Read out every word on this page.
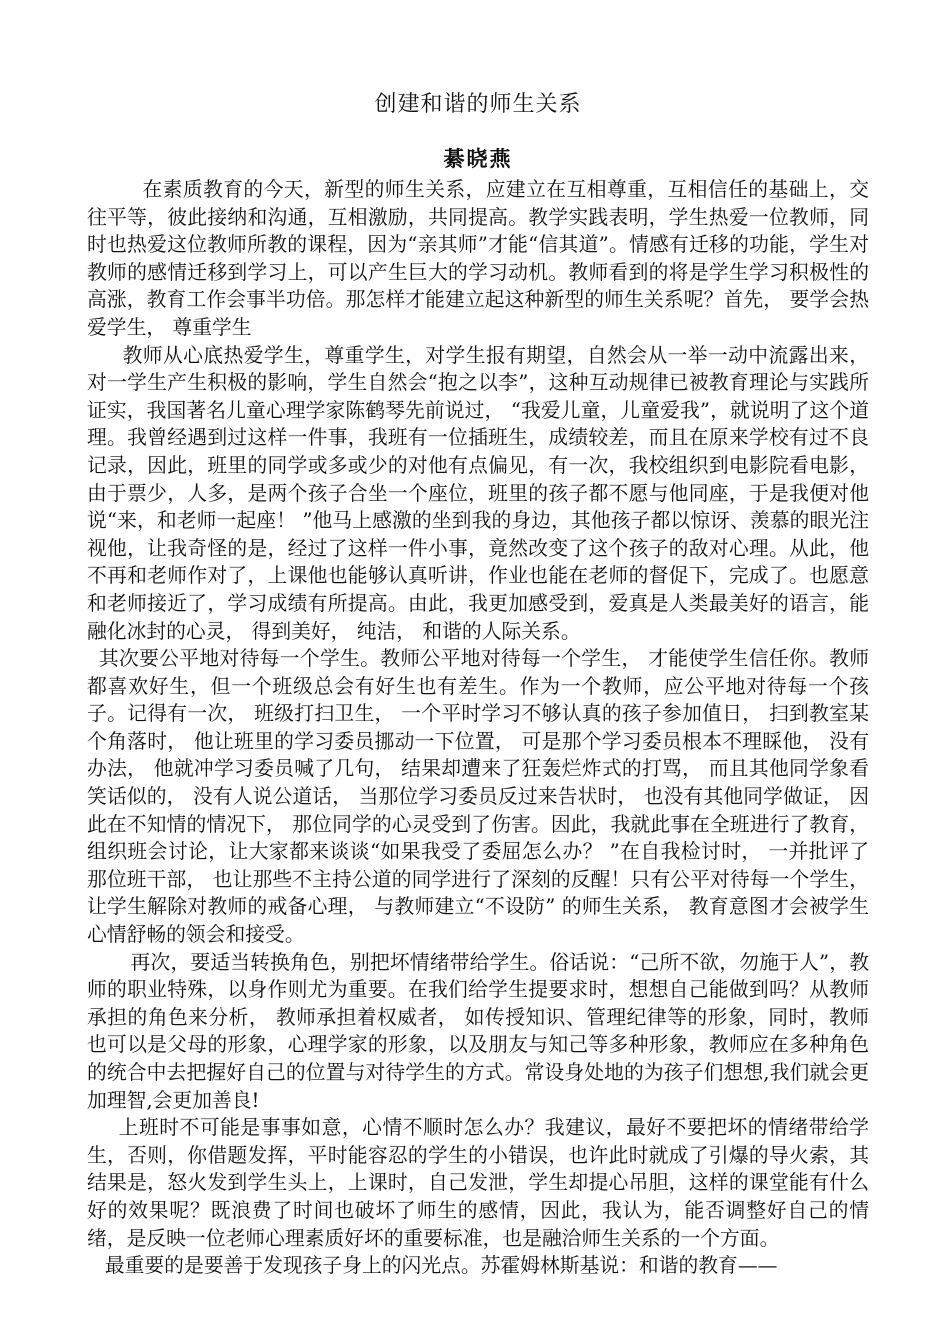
创建和谐的师生关系
綦晓燕

在素质教育的今天，新型的师生关系，应建立在互相尊重，互相信任的基础上，交往平等，彼此接纳和沟通，互相激励，共同提高。教学实践表明，学生热爱一位教师，同时也热爱这位教师所教的课程，因为“亲其师”才能“信其道”。情感有迁移的功能，学生对教师的感情迁移到学习上，可以产生巨大的学习动机。教师看到的将是学生学习积极性的高涨，教育工作会事半功倍。那怎样才能建立起这种新型的师生关系呢？首先， 要学会热爱学生， 尊重学生

教师从心底热爱学生，尊重学生，对学生报有期望，自然会从一举一动中流露出来，对一学生产生积极的影响，学生自然会“抱之以李”，这种互动规律已被教育理论与实践所证实，我国著名儿童心理学家陈鹤琴先前说过， “我爱儿童，儿童爱我”，就说明了这个道理。我曾经遇到过这样一件事，我班有一位插班生，成绩较差，而且在原来学校有过不良记录，因此，班里的同学或多或少的对他有点偏见，有一次，我校组织到电影院看电影，由于票少，人多，是两个孩子合坐一个座位，班里的孩子都不愿与他同座，于是我便对他说“来，和老师一起座！ ”他马上感激的坐到我的身边，其他孩子都以惊讶、羡慕的眼光注视他，让我奇怪的是，经过了这样一件小事，竟然改变了这个孩子的敌对心理。从此，他不再和老师作对了，上课他也能够认真听讲，作业也能在老师的督促下，完成了。也愿意和老师接近了，学习成绩有所提高。由此，我更加感受到，爱真是人类最美好的语言，能融化冰封的心灵， 得到美好， 纯洁， 和谐的人际关系。

其次要公平地对待每一个学生。教师公平地对待每一个学生， 才能使学生信任你。教师都喜欢好生，但一个班级总会有好生也有差生。作为一个教师，应公平地对待每一个孩子。记得有一次， 班级打扫卫生， 一个平时学习不够认真的孩子参加值日， 扫到教室某个角落时， 他让班里的学习委员挪动一下位置， 可是那个学习委员根本不理睬他， 没有办法， 他就冲学习委员喊了几句， 结果却遭来了狂轰烂炸式的打骂， 而且其他同学象看笑话似的， 没有人说公道话， 当那位学习委员反过来告状时， 也没有其他同学做证， 因此在不知情的情况下， 那位同学的心灵受到了伤害。因此，我就此事在全班进行了教育，组织班会讨论，让大家都来谈谈“如果我受了委屈怎么办？ ”在自我检讨时， 一并批评了那位班干部， 也让那些不主持公道的同学进行了深刻的反醒！只有公平对待每一个学生，让学生解除对教师的戒备心理， 与教师建立“不设防” 的师生关系， 教育意图才会被学生心情舒畅的领会和接受。

再次，要适当转换角色，别把坏情绪带给学生。俗话说：“己所不欲，勿施于人”，教师的职业特殊，以身作则尤为重要。在我们给学生提要求时，想想自己能做到吗？从教师承担的角色来分析， 教师承担着权威者， 如传授知识、管理纪律等的形象，同时，教师也可以是父母的形象，心理学家的形象，以及朋友与知己等多种形象，教师应在多种角色的统合中去把握好自己的位置与对待学生的方式。常设身处地的为孩子们想想,我们就会更加理智,会更加善良!

上班时不可能是事事如意，心情不顺时怎么办？我建议，最好不要把坏的情绪带给学生，否则，你借题发挥，平时能容忍的学生的小错误，也许此时就成了引爆的导火索，其结果是，怒火发到学生头上，上课时，自己发泄，学生却提心吊胆，这样的课堂能有什么好的效果呢？既浪费了时间也破坏了师生的感情，因此，我认为，能否调整好自己的情绪，是反映一位老师心理素质好坏的重要标准，也是融洽师生关系的一个方面。

最重要的是要善于发现孩子身上的闪光点。苏霍姆林斯基说：和谐的教育——
